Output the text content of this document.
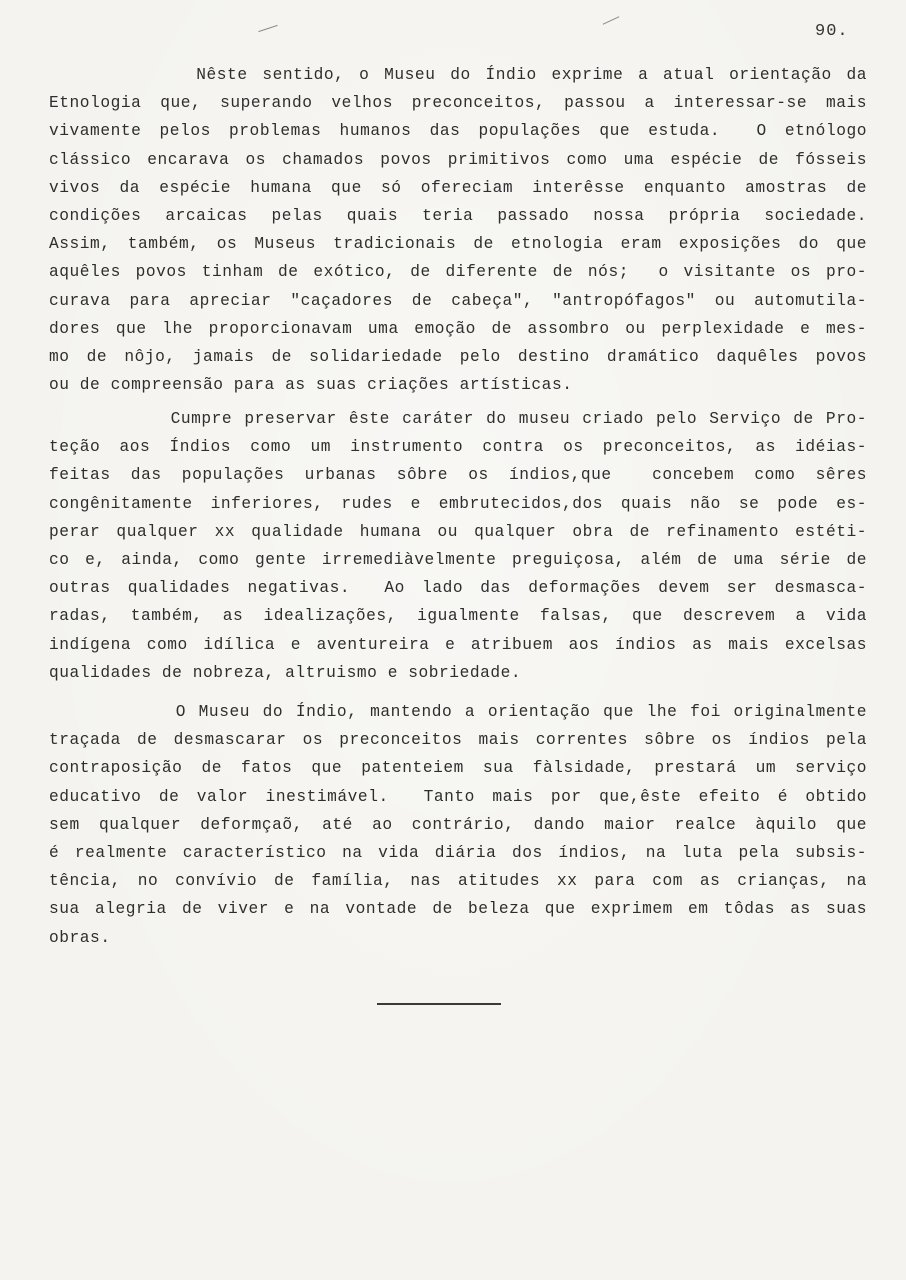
90.

Nêste sentido, o Museu do Índio exprime a atual orientação da
Etnologia que, superando velhos preconceitos, passou a interessar-se mais
vivamente pelos problemas humanos das populações que estuda.  O etnólogo
clássico encarava os chamados povos primitivos como uma espécie de fósseis
vivos da espécie humana que só ofereciam interêsse enquanto amostras de
condições arcaicas pelas quais teria passado nossa própria sociedade.
Assim, também, os Museus tradicionais de etnologia eram exposições do que
aquêles povos tinham de exótico, de diferente de nós;  o visitante os pro-
curava para apreciar "caçadores de cabeça", "antropófagos" ou automutila-
dores que lhe proporcionavam uma emoção de assombro ou perplexidade e mes-
mo de nôjo, jamais de solidariedade pelo destino dramático daquêles povos
ou de compreensão para as suas criações artísticas.

Cumpre preservar êste caráter do museu criado pelo Serviço de Pro-
teção aos Índios como um instrumento contra os preconceitos, as idéias-
feitas das populações urbanas sôbre os índios,que  concebem como sêres
congênitamente inferiores, rudes e embrutecidos,dos quais não se pode es-
perar qualquer xx qualidade humana ou qualquer obra de refinamento estéti-
co e, ainda, como gente irremediàvelmente preguiçosa, além de uma série de
outras qualidades negativas.  Ao lado das deformações devem ser desmasca-
radas, também, as idealizações, igualmente falsas, que descrevem a vida
indígena como idílica e aventureira e atribuem aos índios as mais excelsas
qualidades de nobreza, altruismo e sobriedade.

O Museu do Índio, mantendo a orientação que lhe foi originalmente
traçada de desmascarar os preconceitos mais correntes sôbre os índios pela
contraposição de fatos que patenteiem sua fàlsidade, prestará um serviço
educativo de valor inestimável.  Tanto mais por que,êste efeito é obtido
sem qualquer deformçaõ, até ao contrário, dando maior realce àquilo que
é realmente característico na vida diária dos índios, na luta pela subsis-
tência, no convívio de família, nas atitudes xx para com as crianças, na
sua alegria de viver e na vontade de beleza que exprimem em tôdas as suas
obras.
